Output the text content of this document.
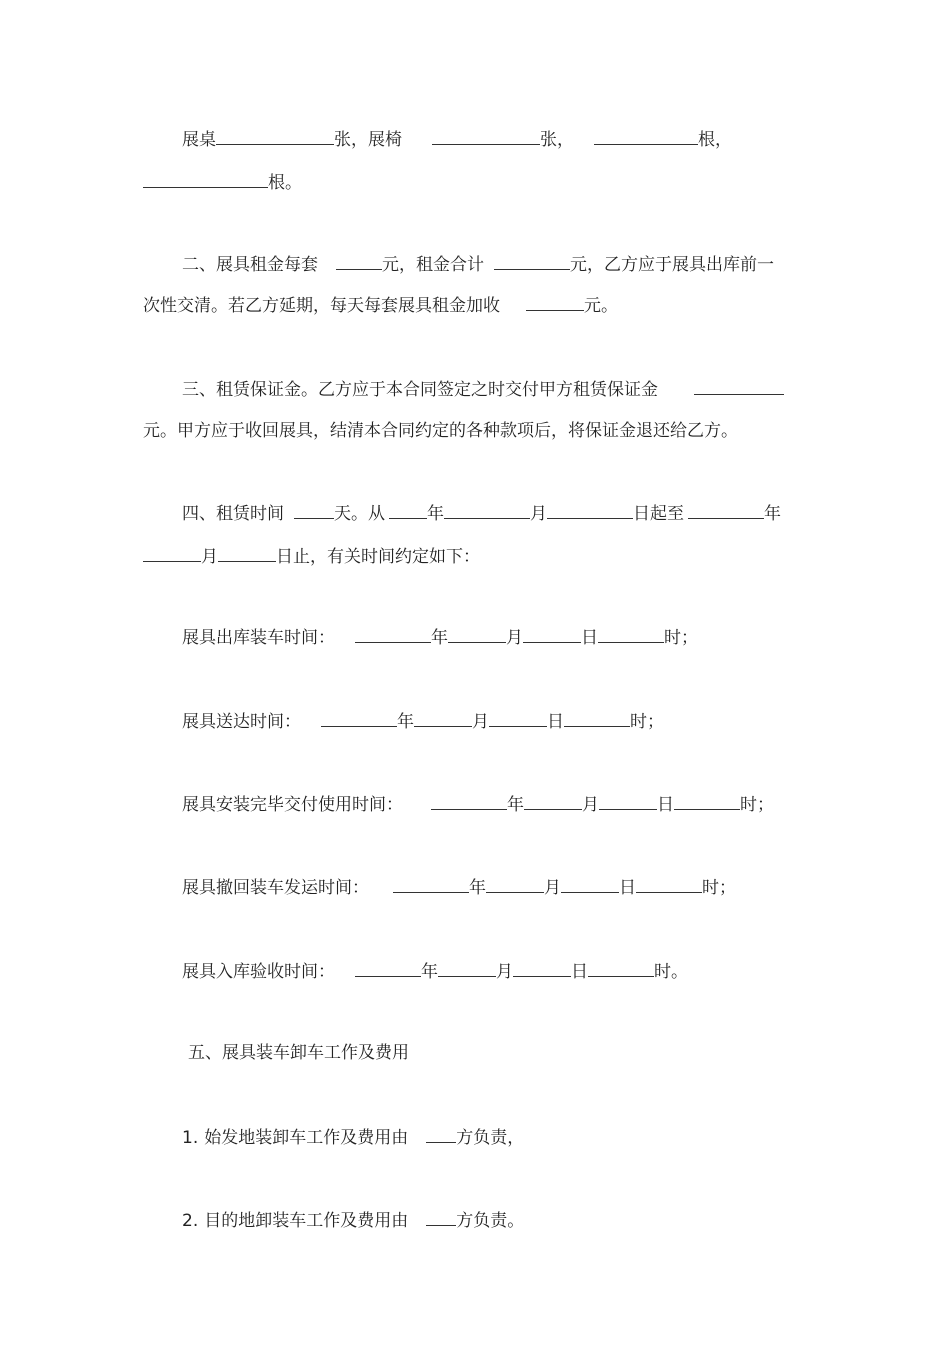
展桌	张，展椅	张，	根，
根。
二、展具租金每套	元，租金合计	元，乙方应于展具出库前一
次性交清。若乙方延期，每天每套展具租金加收	元。
三、租赁保证金。乙方应于本合同签定之时交付甲方租赁保证金
元。甲方应于收回展具，结清本合同约定的各种款项后，将保证金退还给乙方。
四、租赁时间	天。从 年	月	日起至	年
月	日止，有关时间约定如下：
展具出库装车时间：	年	月	日	时；
展具送达时间：	年	月	日	时；
展具安装完毕交付使用时间：	年	月	日	时；
展具撤回装车发运时间：	年	月	日	时；
展具入库验收时间：	年	月	日	时。
五、展具装车卸车工作及费用
1. 始发地装卸车工作及费用由	方负责，
2. 目的地卸装车工作及费用由	方负责。
